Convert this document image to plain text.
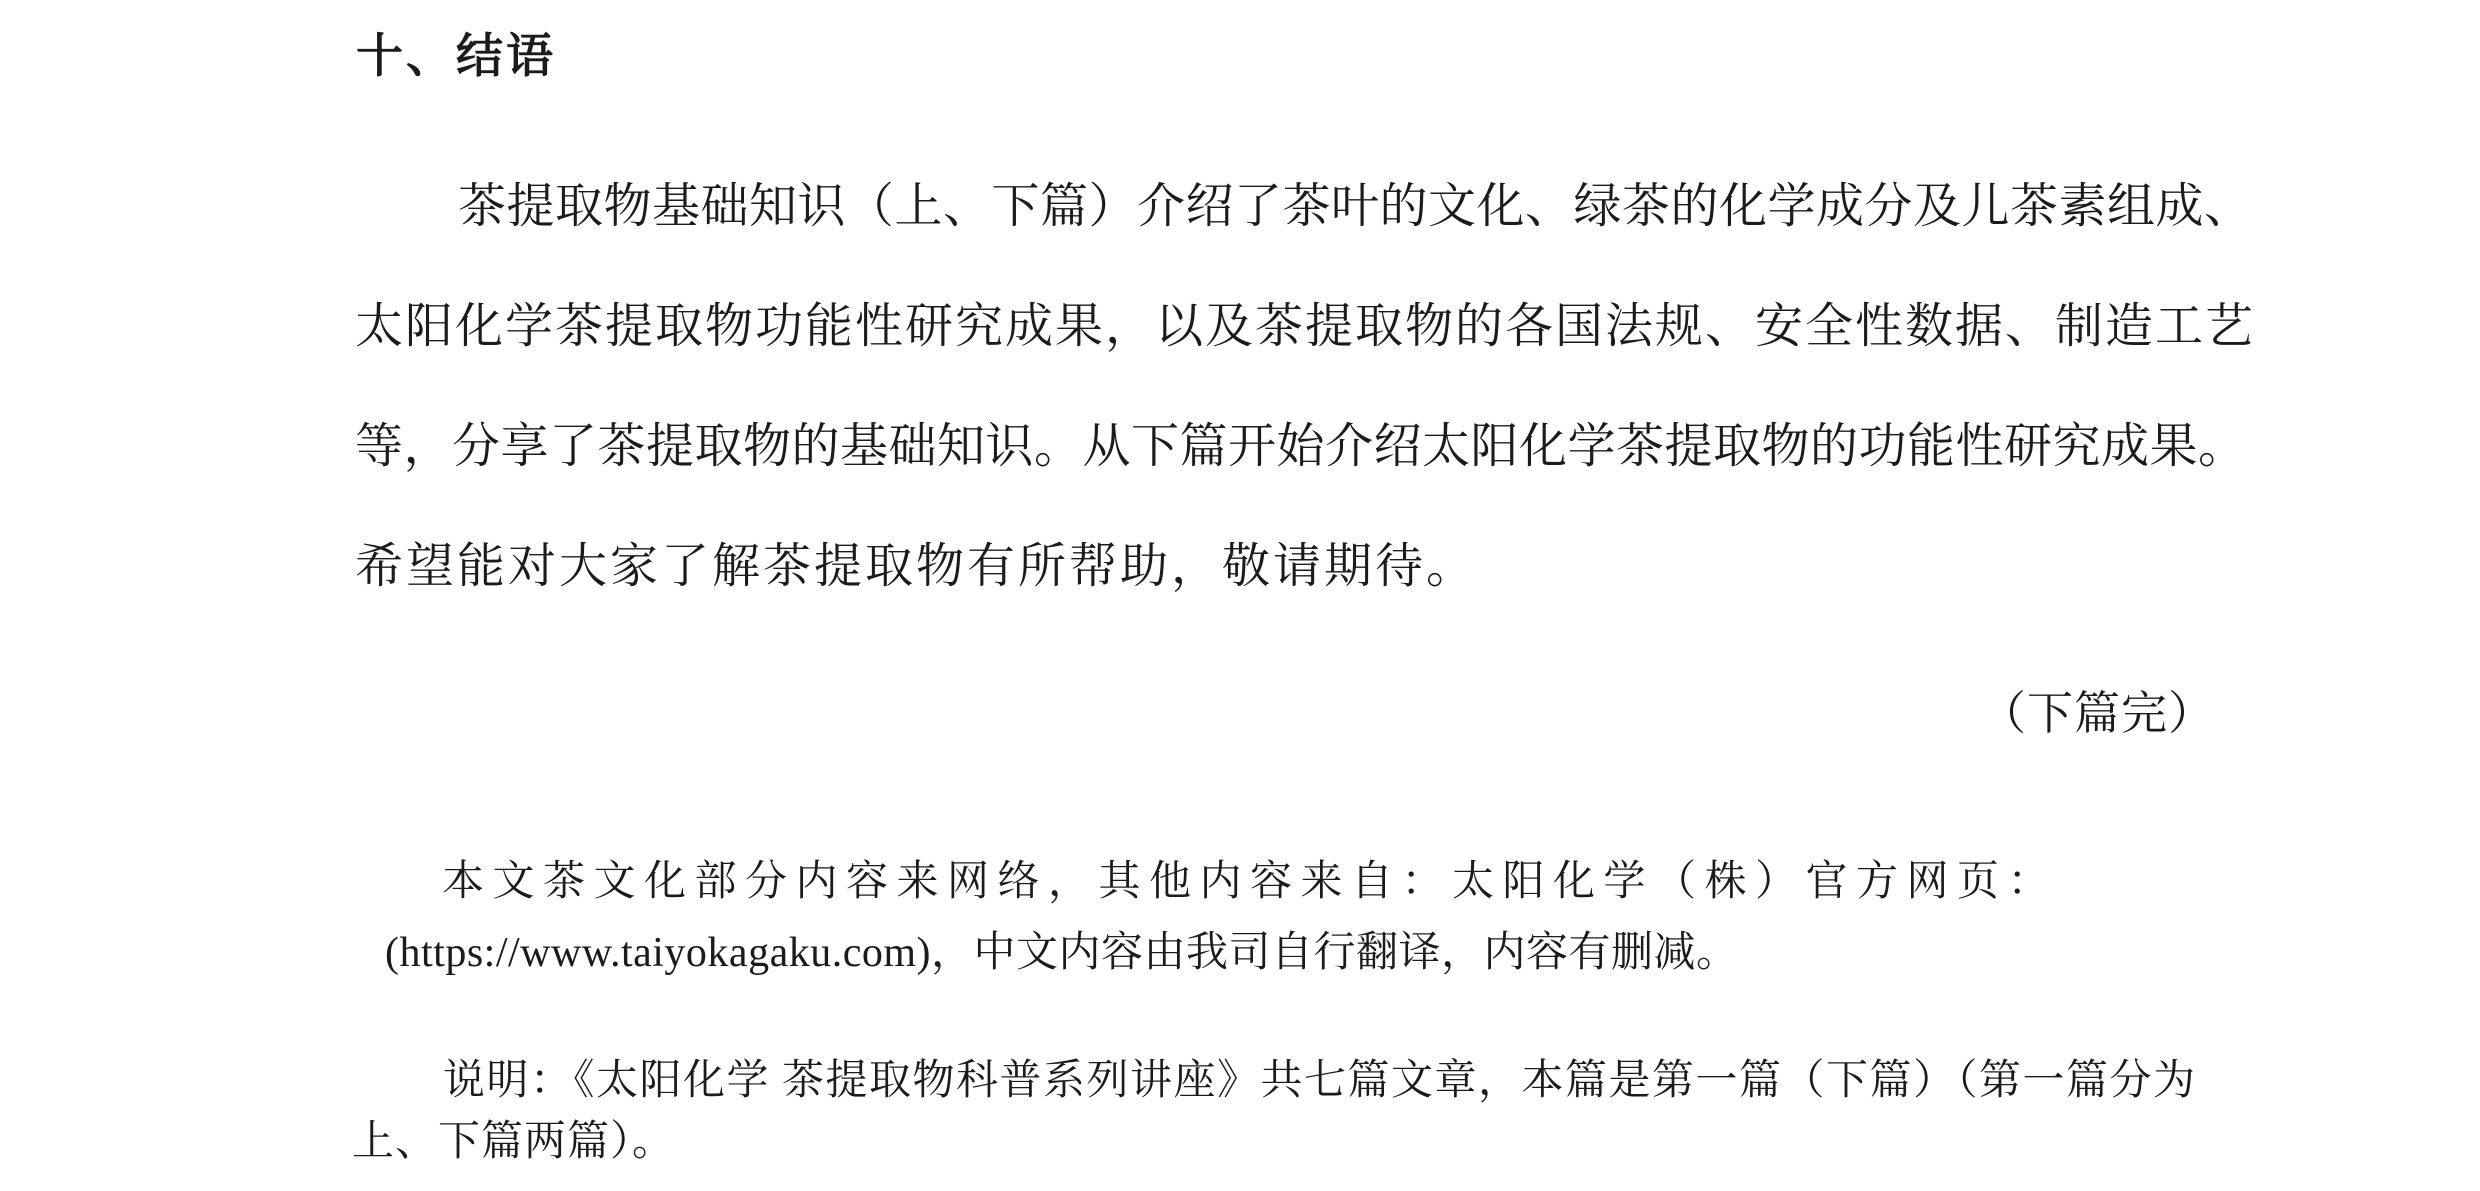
十、结语
茶提取物基础知识（上、下篇）介绍了茶叶的文化、绿茶的化学成分及儿茶素组成、
太阳化学茶提取物功能性研究成果，以及茶提取物的各国法规、安全性数据、制造工艺
等，分享了茶提取物的基础知识。从下篇开始介绍太阳化学茶提取物的功能性研究成果。
希望能对大家了解茶提取物有所帮助，敬请期待。
（下篇完）
本文茶文化部分内容来网络，其他内容来自：太阳化学（株）官方网页：
(https://www.taiyokagaku.com)，中文内容由我司自行翻译，内容有删减。
说明：《太阳化学 茶提取物科普系列讲座》共七篇文章，本篇是第一篇（下篇）（第一篇分为
上、下篇两篇）。
